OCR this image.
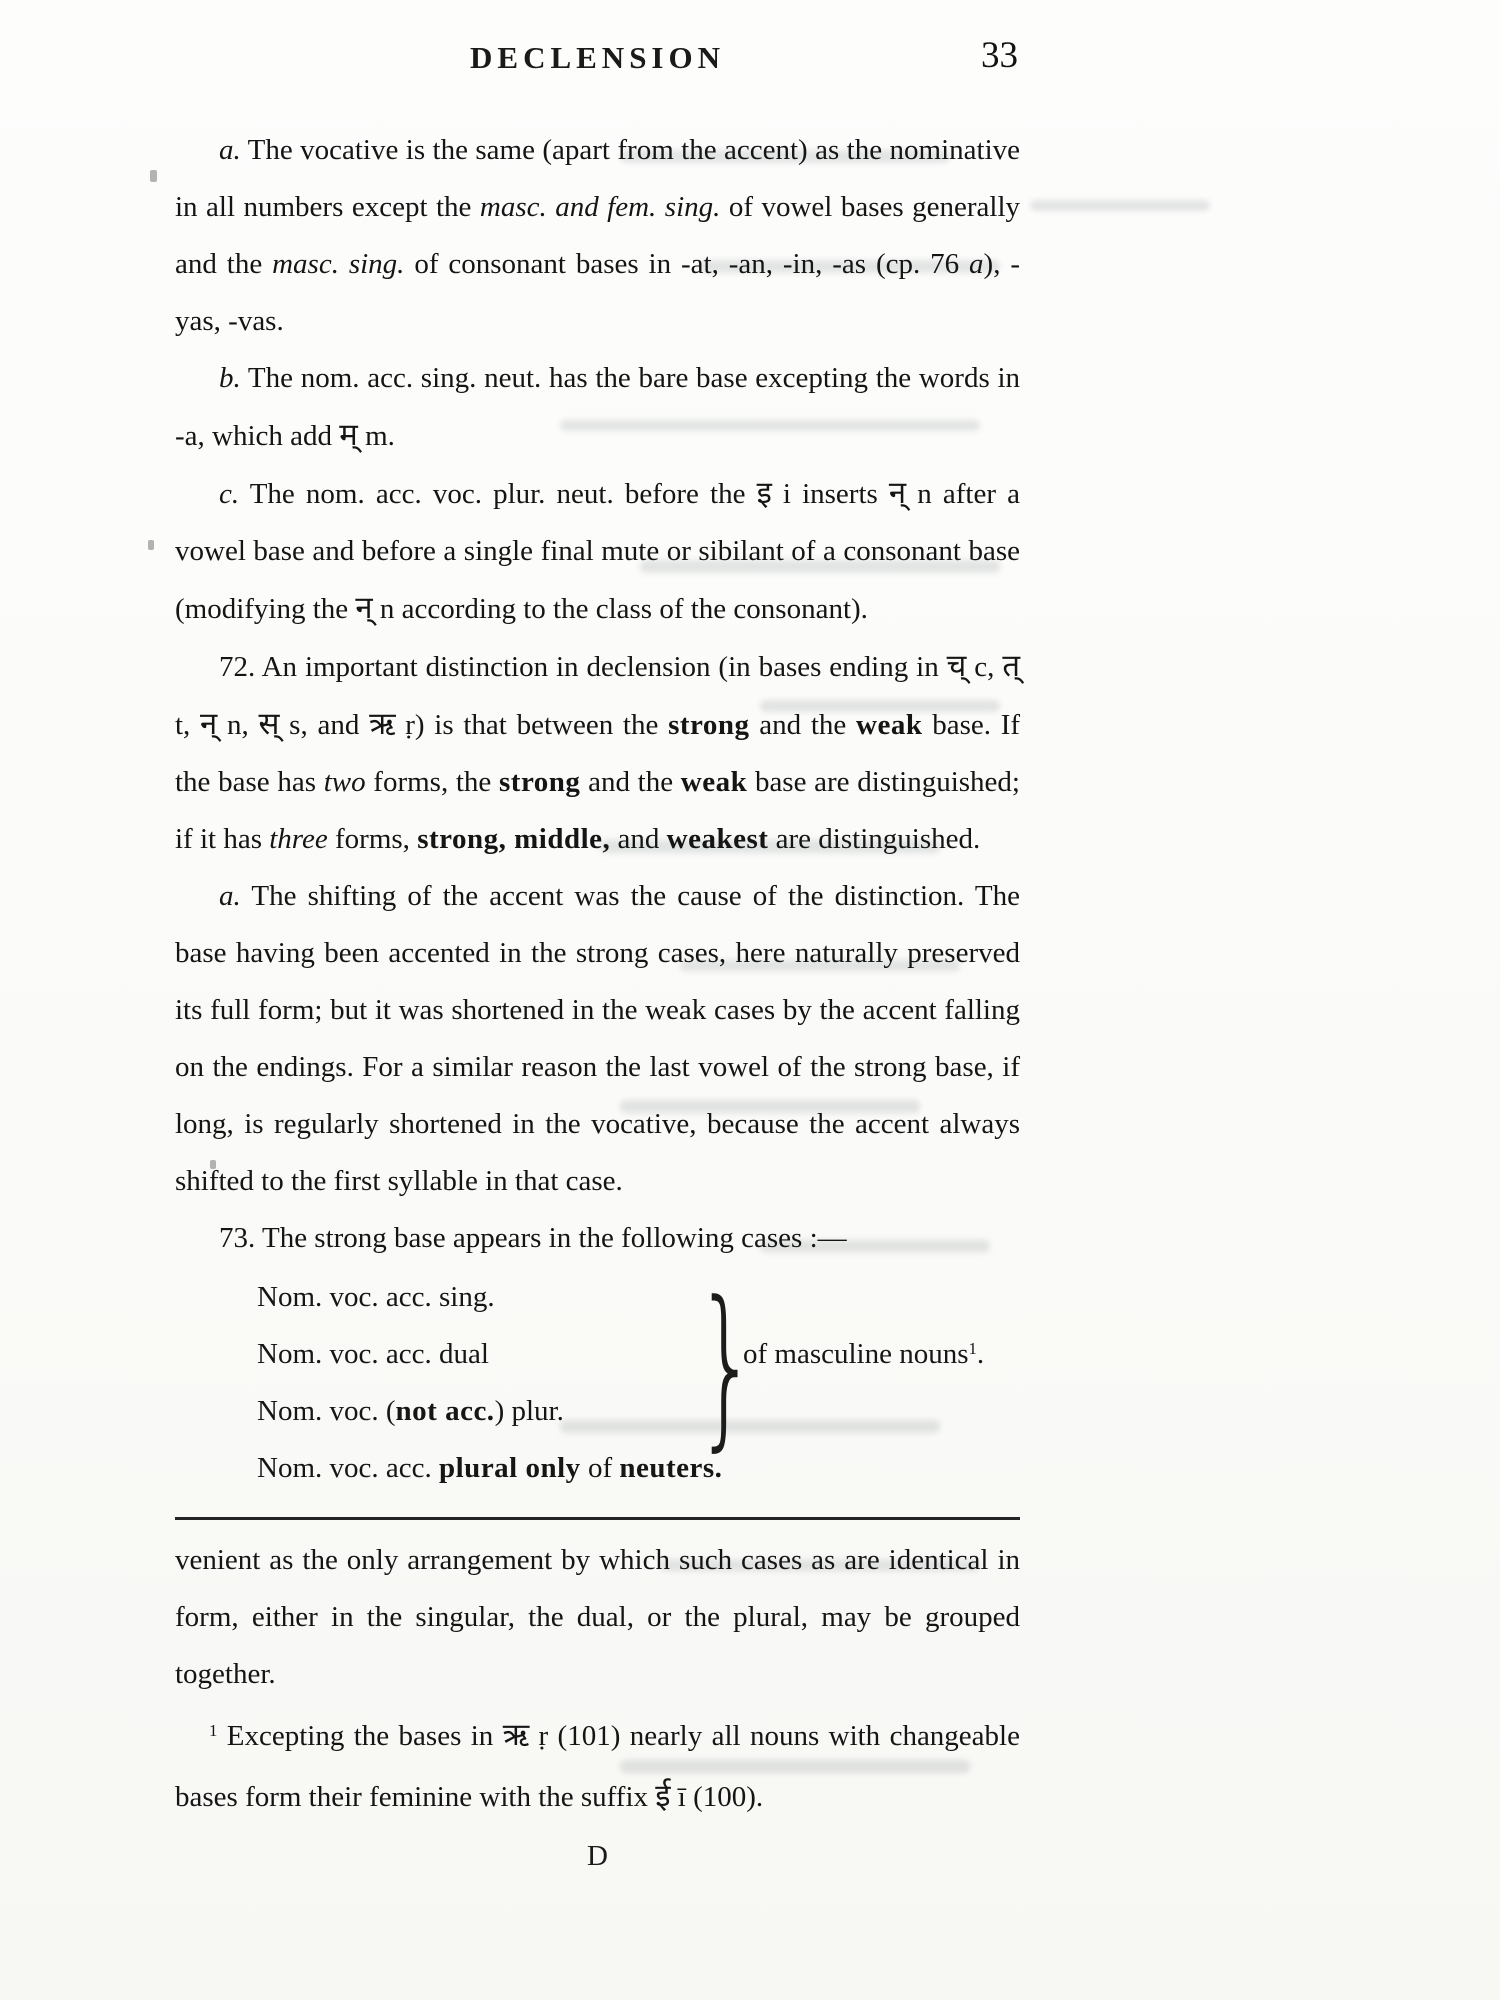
DECLENSION	33

a. The vocative is the same (apart from the accent) as the nominative in all numbers except the masc. and fem. sing. of vowel bases generally and the masc. sing. of consonant bases in -at, -an, -in, -as (cp. 76 a), -yas, -vas.

b. The nom. acc. sing. neut. has the bare base excepting the words in -a, which add म् m.

c. The nom. acc. voc. plur. neut. before the इ i inserts न् n after a vowel base and before a single final mute or sibilant of a consonant base (modifying the न् n according to the class of the consonant).

72. An important distinction in declension (in bases ending in च् c, त् t, न् n, स् s, and ऋ ṛ) is that between the strong and the weak base. If the base has two forms, the strong and the weak base are distinguished; if it has three forms, strong, middle, and weakest are distinguished.

a. The shifting of the accent was the cause of the distinction. The base having been accented in the strong cases, here naturally preserved its full form; but it was shortened in the weak cases by the accent falling on the endings. For a similar reason the last vowel of the strong base, if long, is regularly shortened in the vocative, because the accent always shifted to the first syllable in that case.

73. The strong base appears in the following cases :—

Nom. voc. acc. sing.
Nom. voc. acc. dual
Nom. voc. (not acc.) plur.	}
of masculine nouns$^1$.
Nom. voc. acc. plural only of neuters.

venient as the only arrangement by which such cases as are identical in form, either in the singular, the dual, or the plural, may be grouped together.

$^1$ Excepting the bases in ऋ ṛ (101) nearly all nouns with changeable bases form their feminine with the suffix ई ī (100).

D
